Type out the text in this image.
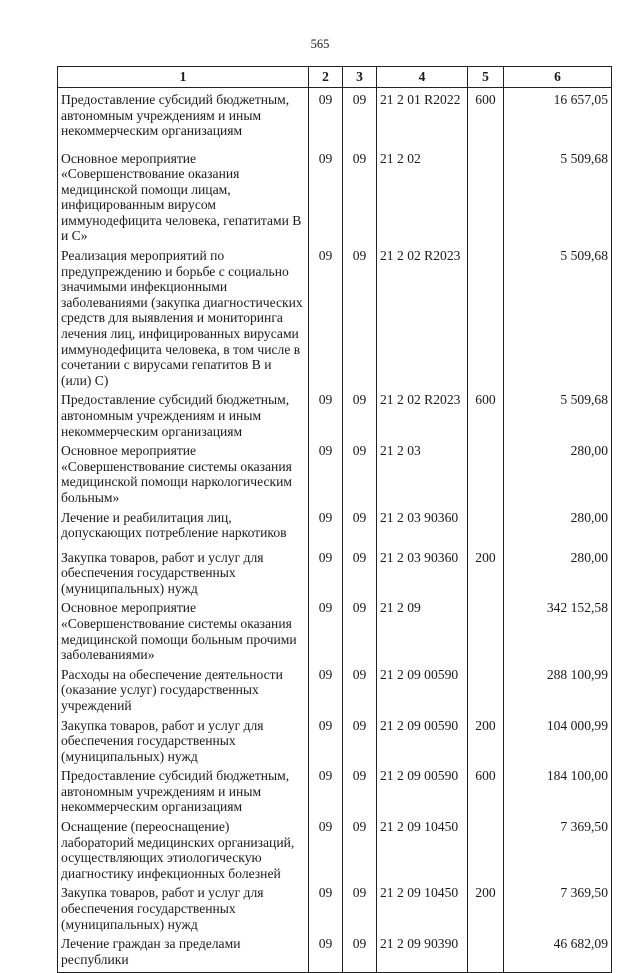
565
1	2	3	4	5	6
Предоставление субсидий бюджетным, автономным учреждениям и иным некоммерческим организациям	09	09	21 2 01 R2022	600	16 657,05
Основное мероприятие «Совершенствование оказания медицинской помощи лицам, инфицированным вирусом иммунодефицита человека, гепатитами В и С»	09	09	21 2 02		5 509,68
Реализация мероприятий по предупреждению и борьбе с социально значимыми инфекционными заболеваниями (закупка диагностических средств для выявления и мониторинга лечения лиц, инфицированных вирусами иммунодефицита человека, в том числе в сочетании с вирусами гепатитов В и (или) С)	09	09	21 2 02 R2023		5 509,68
Предоставление субсидий бюджетным, автономным учреждениям и иным некоммерческим организациям	09	09	21 2 02 R2023	600	5 509,68
Основное мероприятие «Совершенствование системы оказания медицинской помощи наркологическим больным»	09	09	21 2 03		280,00
Лечение и реабилитация лиц, допускающих потребление наркотиков	09	09	21 2 03 90360		280,00
Закупка товаров, работ и услуг для обеспечения государственных (муниципальных) нужд	09	09	21 2 03 90360	200	280,00
Основное мероприятие «Совершенствование системы оказания медицинской помощи больным прочими заболеваниями»	09	09	21 2 09		342 152,58
Расходы на обеспечение деятельности (оказание услуг) государственных учреждений	09	09	21 2 09 00590		288 100,99
Закупка товаров, работ и услуг для обеспечения государственных (муниципальных) нужд	09	09	21 2 09 00590	200	104 000,99
Предоставление субсидий бюджетным, автономным учреждениям и иным некоммерческим организациям	09	09	21 2 09 00590	600	184 100,00
Оснащение (переоснащение) лабораторий медицинских организаций, осуществляющих этиологическую диагностику инфекционных болезней	09	09	21 2 09 10450		7 369,50
Закупка товаров, работ и услуг для обеспечения государственных (муниципальных) нужд	09	09	21 2 09 10450	200	7 369,50
Лечение граждан за пределами республики	09	09	21 2 09 90390		46 682,09
